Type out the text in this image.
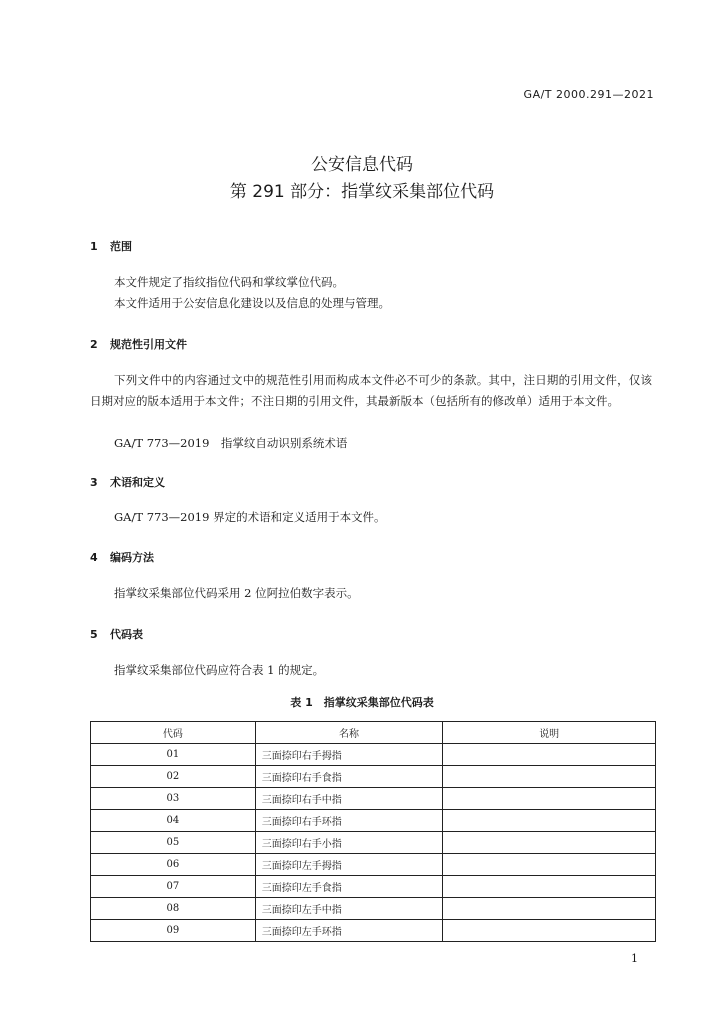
GA/T 2000.291—2021
公安信息代码
第 291 部分：指掌纹采集部位代码
1 范围
本文件规定了指纹指位代码和掌纹掌位代码。
本文件适用于公安信息化建设以及信息的处理与管理。
2 规范性引用文件
下列文件中的内容通过文中的规范性引用而构成本文件必不可少的条款。其中，注日期的引用文件，仅该日期对应的版本适用于本文件；不注日期的引用文件，其最新版本（包括所有的修改单）适用于本文件。
GA/T 773—2019　指掌纹自动识别系统术语
3 术语和定义
GA/T 773—2019 界定的术语和定义适用于本文件。
4 编码方法
指掌纹采集部位代码采用 2 位阿拉伯数字表示。
5 代码表
指掌纹采集部位代码应符合表 1 的规定。
表 1　指掌纹采集部位代码表
代码	名称	说明
01	三面捺印右手拇指	
02	三面捺印右手食指	
03	三面捺印右手中指	
04	三面捺印右手环指	
05	三面捺印右手小指	
06	三面捺印左手拇指	
07	三面捺印左手食指	
08	三面捺印左手中指	
09	三面捺印左手环指	
1
